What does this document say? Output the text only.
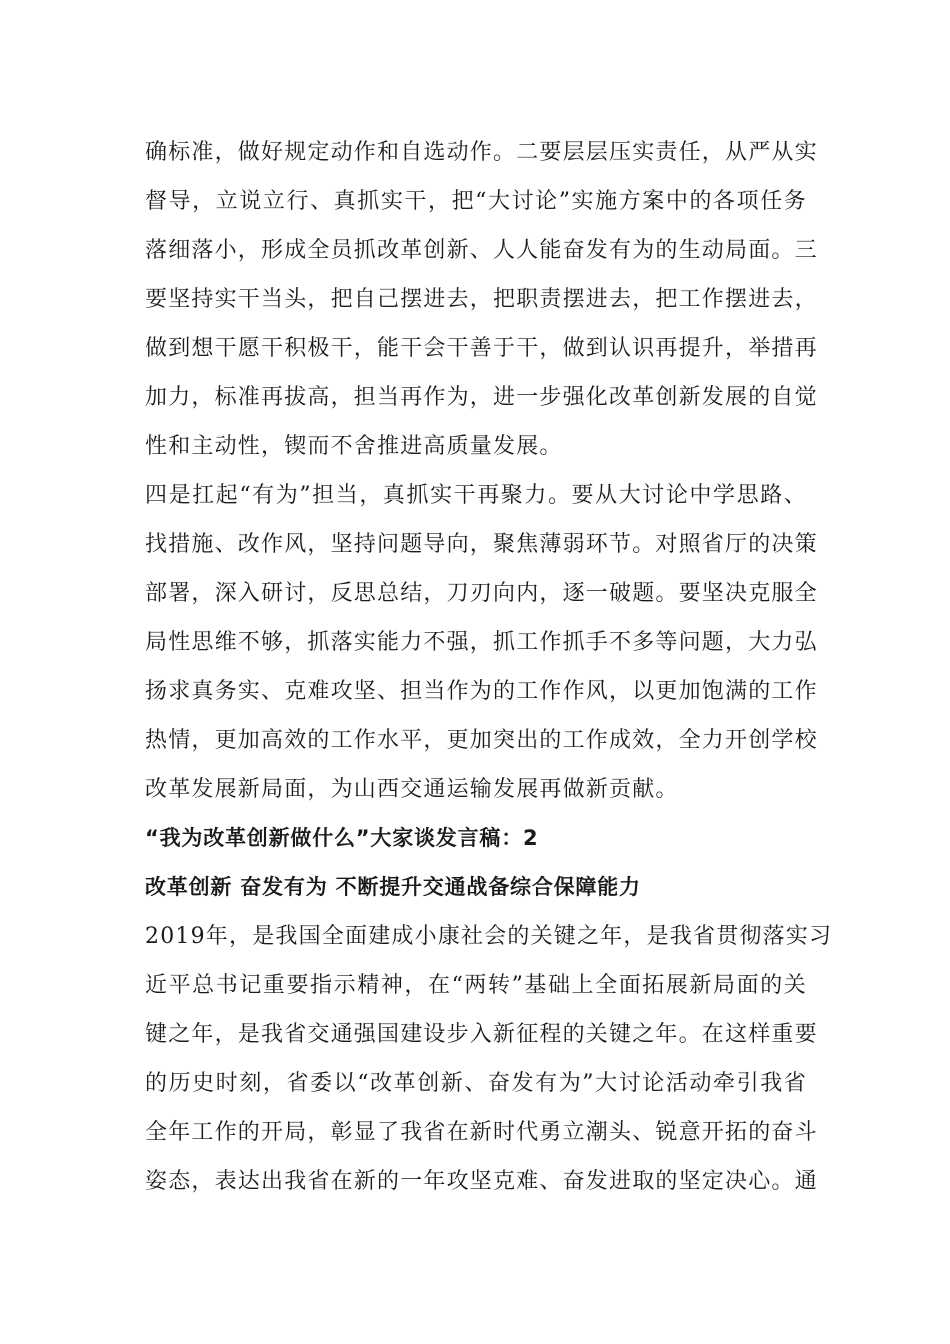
确标准，做好规定动作和自选动作。二要层层压实责任，从严从实
督导，立说立行、真抓实干，把“大讨论”实施方案中的各项任务
落细落小，形成全员抓改革创新、人人能奋发有为的生动局面。三
要坚持实干当头，把自己摆进去，把职责摆进去，把工作摆进去，
做到想干愿干积极干，能干会干善于干，做到认识再提升，举措再
加力，标准再拔高，担当再作为，进一步强化改革创新发展的自觉
性和主动性，锲而不舍推进高质量发展。
四是扛起“有为”担当，真抓实干再聚力。要从大讨论中学思路、
找措施、改作风，坚持问题导向，聚焦薄弱环节。对照省厅的决策
部署，深入研讨，反思总结，刀刃向内，逐一破题。要坚决克服全
局性思维不够，抓落实能力不强，抓工作抓手不多等问题，大力弘
扬求真务实、克难攻坚、担当作为的工作作风，以更加饱满的工作
热情，更加高效的工作水平，更加突出的工作成效，全力开创学校
改革发展新局面，为山西交通运输发展再做新贡献。
“我为改革创新做什么”大家谈发言稿：2
改革创新 奋发有为 不断提升交通战备综合保障能力
2019年，是我国全面建成小康社会的关键之年，是我省贯彻落实习
近平总书记重要指示精神，在“两转”基础上全面拓展新局面的关
键之年，是我省交通强国建设步入新征程的关键之年。在这样重要
的历史时刻，省委以“改革创新、奋发有为”大讨论活动牵引我省
全年工作的开局，彰显了我省在新时代勇立潮头、锐意开拓的奋斗
姿态，表达出我省在新的一年攻坚克难、奋发进取的坚定决心。通
